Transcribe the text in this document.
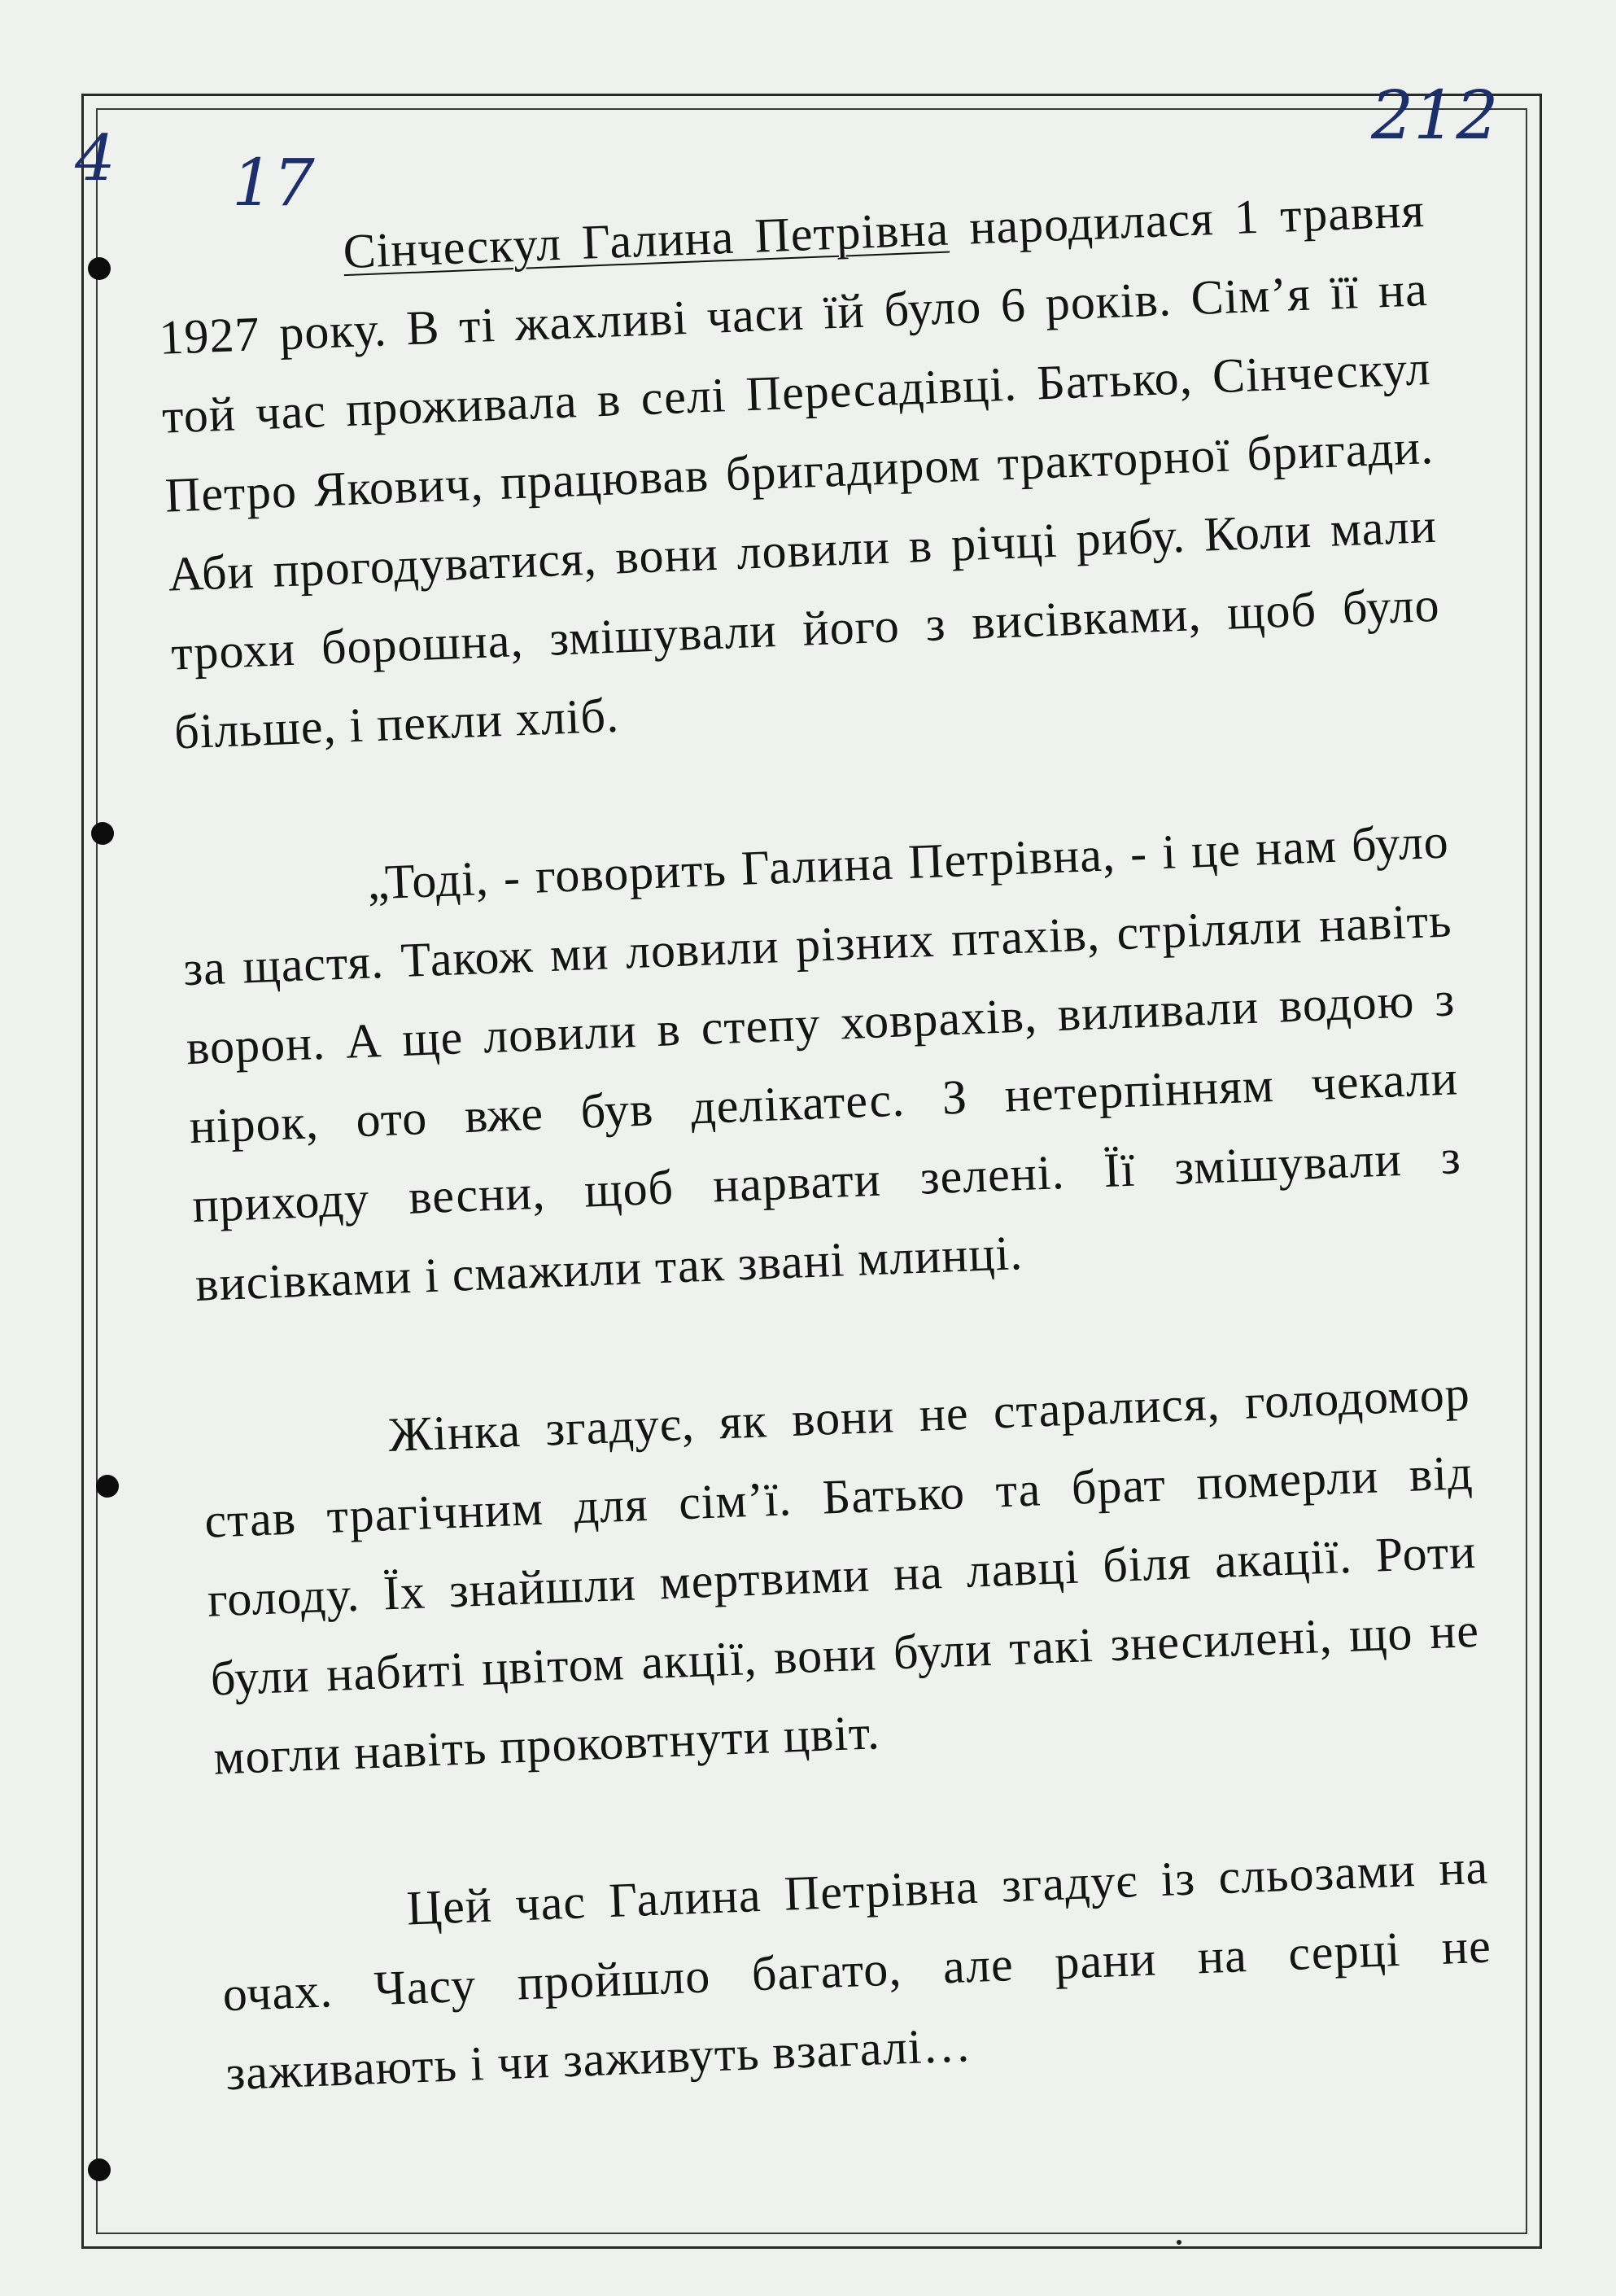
4 17
212

Сінческул Галина Петрівна народилася 1 травня 1927 року. В ті жахливі часи їй було 6 років. Сім’я її на той час проживала в селі Пересадівці. Батько, Сінческул Петро Якович, працював бригадиром тракторної бригади. Аби прогодуватися, вони ловили в річці рибу. Коли мали трохи борошна, змішували його з висівками, щоб було більше, і пекли хліб.

„Тоді, - говорить Галина Петрівна, - і це нам було за щастя. Також ми ловили різних птахів, стріляли навіть ворон. А ще ловили в степу ховрахів, виливали водою з нірок, ото вже був делікатес. З нетерпінням чекали приходу весни, щоб нарвати зелені. Її змішували з висівками і смажили так звані млинці.

Жінка згадує, як вони не старалися, голодомор став трагічним для сім’ї. Батько та брат померли від голоду. Їх знайшли мертвими на лавці біля акації. Роти були набиті цвітом акції, вони були такі знесилені, що не могли навіть проковтнути цвіт.

Цей час Галина Петрівна згадує із сльозами на очах. Часу пройшло багато, але рани на серці не заживають і чи заживуть взагалі…
